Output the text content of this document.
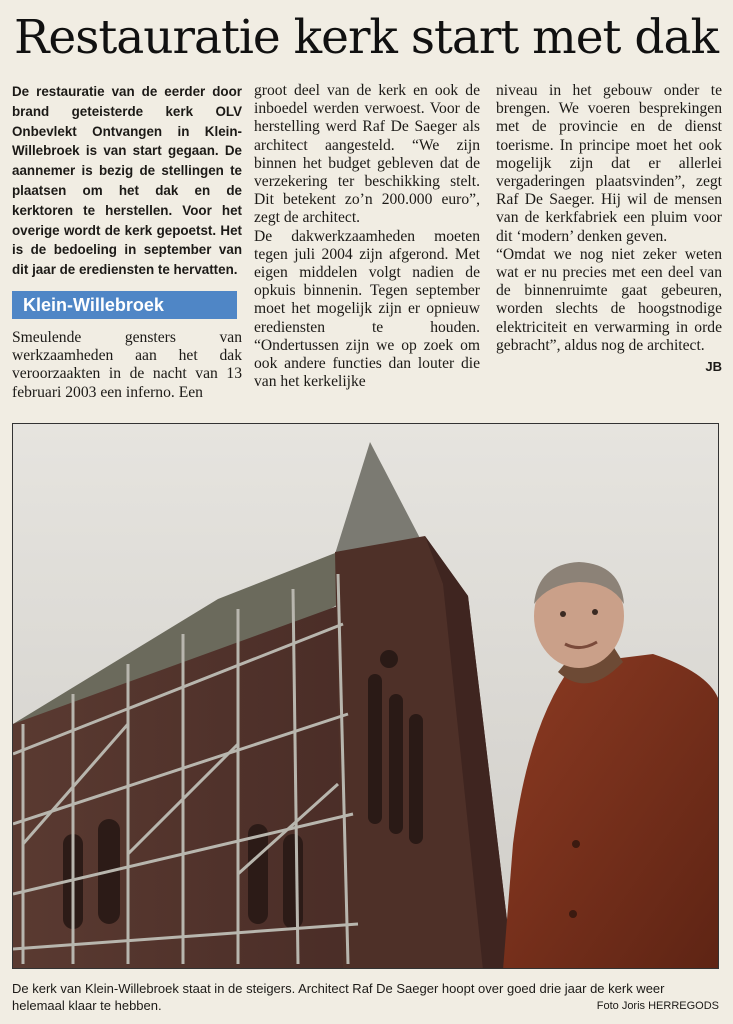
Restauratie kerk start met dak

De restauratie van de eerder door brand geteisterde kerk OLV Onbevlekt Ontvangen in Klein-Willebroek is van start gegaan. De aannemer is bezig de stellingen te plaatsen om het dak en de kerktoren te herstellen. Voor het overige wordt de kerk gepoetst. Het is de bedoeling in september van dit jaar de erediensten te hervatten.

Klein-Willebroek

Smeulende gensters van werkzaamheden aan het dak veroorzaakten in de nacht van 13 februari 2003 een inferno. Een

groot deel van de kerk en ook de inboedel werden verwoest. Voor de herstelling werd Raf De Saeger als architect aangesteld. “We zijn binnen het budget gebleven dat de verzekering ter beschikking stelt. Dit betekent zo’n 200.000 euro”, zegt de architect.

De dakwerkzaamheden moeten tegen juli 2004 zijn afgerond. Met eigen middelen volgt nadien de opkuis binnenin. Tegen september moet het mogelijk zijn er opnieuw erediensten te houden. “Ondertussen zijn we op zoek om ook andere functies dan louter die van het kerkelijke

niveau in het gebouw onder te brengen. We voeren besprekingen met de provincie en de dienst toerisme. In principe moet het ook mogelijk zijn dat er allerlei vergaderingen plaatsvinden”, zegt Raf De Saeger. Hij wil de mensen van de kerkfabriek een pluim voor dit ‘modern’ denken geven.

“Omdat we nog niet zeker weten wat er nu precies met een deel van de binnenruimte gaat gebeuren, worden slechts de hoogstnodige elektriciteit en verwarming in orde gebracht”, aldus nog de architect.

JB
De kerk van Klein-Willebroek staat in de steigers. Architect Raf De Saeger hoopt over goed drie jaar de kerk weer helemaal klaar te hebben.	Foto Joris HERREGODS
